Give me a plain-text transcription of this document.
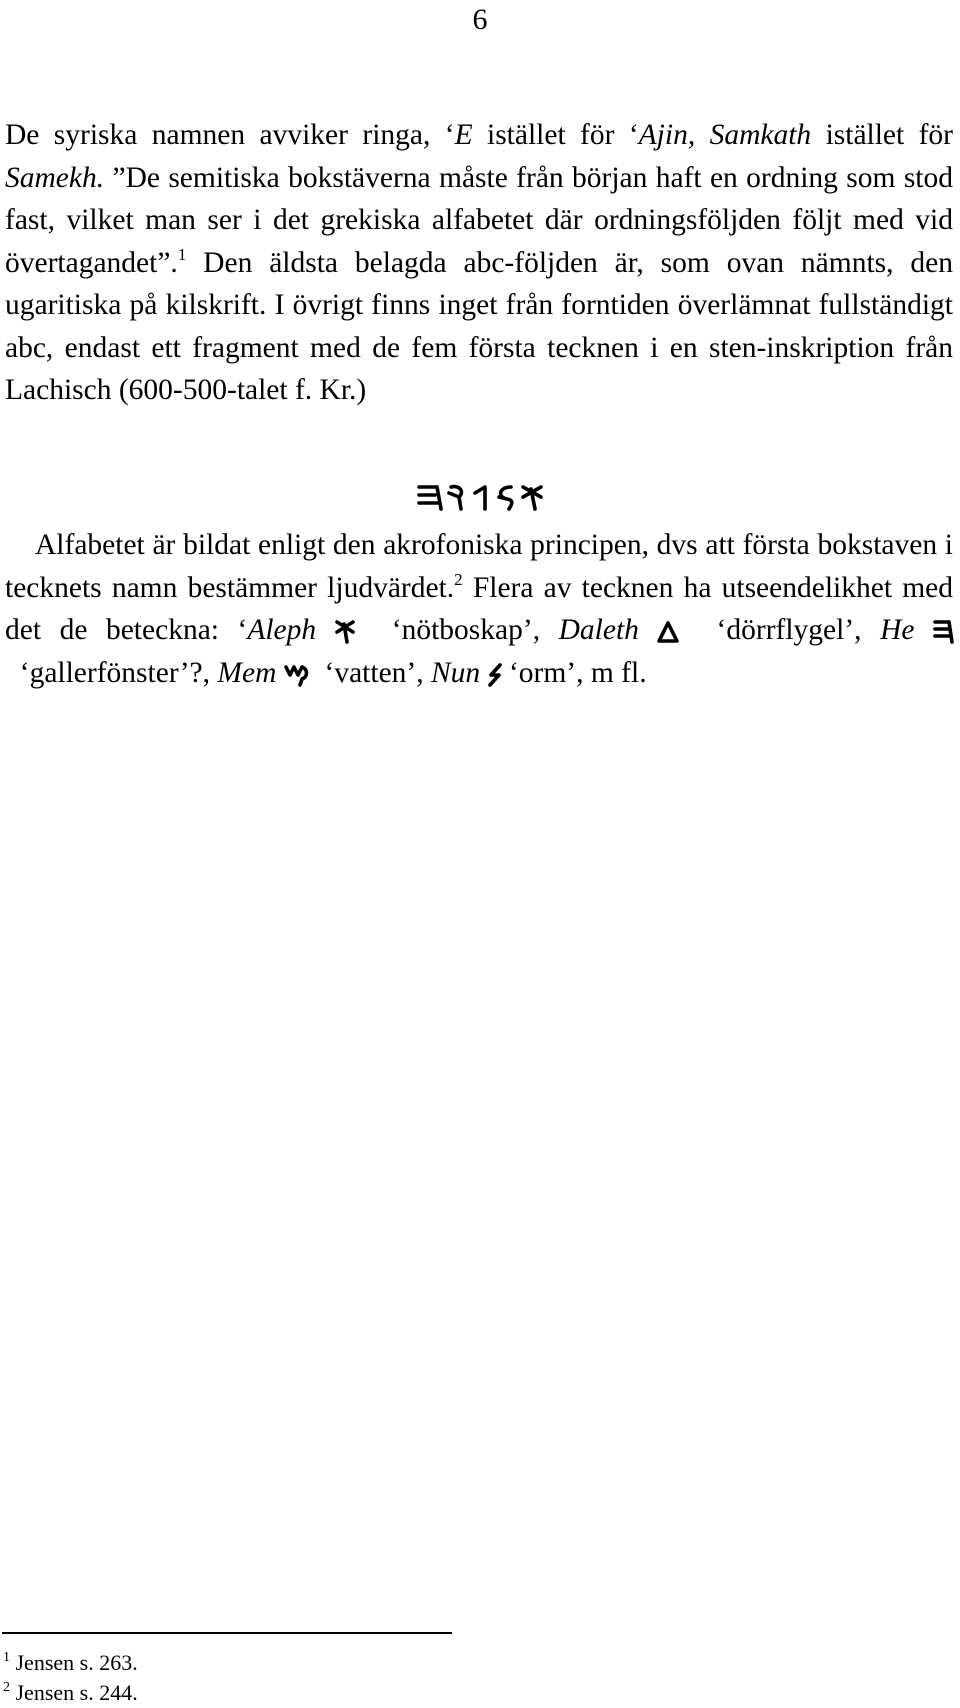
6

De syriska namnen avviker ringa, ‘E istället för ‘Ajin, Samkath istället för Samekh. ”De semitiska bokstäverna måste från början haft en ordning som stod fast, vilket man ser i det grekiska alfabetet där ordningsföljden följt med vid övertagandet”.$^1$ Den äldsta belagda abc-följden är, som ovan nämnts, den ugaritiska på kilskrift. I övrigt finns inget från forntiden överlämnat fullständigt abc, endast ett fragment med de fem första tecknen i en sten-inskription från Lachisch (600-500-talet f. Kr.)

Alfabetet är bildat enligt den akrofoniska principen, dvs att första bokstaven i tecknets namn bestämmer ljudvärdet.$^2$ Flera av tecknen ha utseendelikhet med det de beteckna: ‘Aleph	‘nötboskap’, Daleth	‘dörrflygel’, He
‘gallerfönster’?, Mem ‘vatten’, Nun ‘orm’, m fl.

$^1$ Jensen s. 263.
$^2$ Jensen s. 244.
